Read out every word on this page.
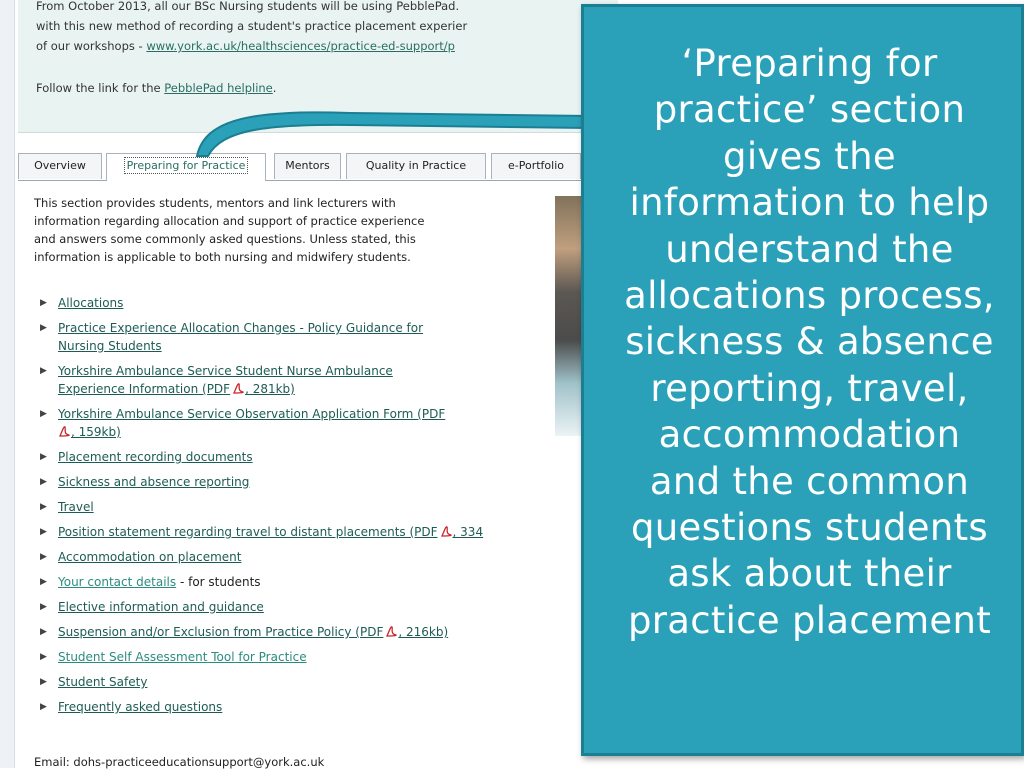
From October 2013, all our BSc Nursing students will be using PebblePad.
with this new method of recording a student's practice placement experier
of our workshops - www.york.ac.uk/healthsciences/practice-ed-support/p
Follow the link for the PebblePad helpline.
Overview	Preparing for Practice	Mentors	Quality in Practice	e-Portfolio
This section provides students, mentors and link lecturers with
information regarding allocation and support of practice experience
and answers some commonly asked questions. Unless stated, this
information is applicable to both nursing and midwifery students.
▶ Allocations
▶ Practice Experience Allocation Changes - Policy Guidance for
Nursing Students
▶ Yorkshire Ambulance Service Student Nurse Ambulance
Experience Information (PDF , 281kb)
▶ Yorkshire Ambulance Service Observation Application Form (PDF
, 159kb)
▶ Placement recording documents
▶ Sickness and absence reporting
▶ Travel
▶ Position statement regarding travel to distant placements (PDF , 334
▶ Accommodation on placement
▶ Your contact details - for students
▶ Elective information and guidance
▶ Suspension and/or Exclusion from Practice Policy (PDF , 216kb)
▶ Student Self Assessment Tool for Practice
▶ Student Safety
▶ Frequently asked questions
Email: dohs-practiceeducationsupport@york.ac.uk
‘Preparing for
practice’ section
gives the
information to help
understand the
allocations process,
sickness & absence
reporting, travel,
accommodation
and the common
questions students
ask about their
practice placement
